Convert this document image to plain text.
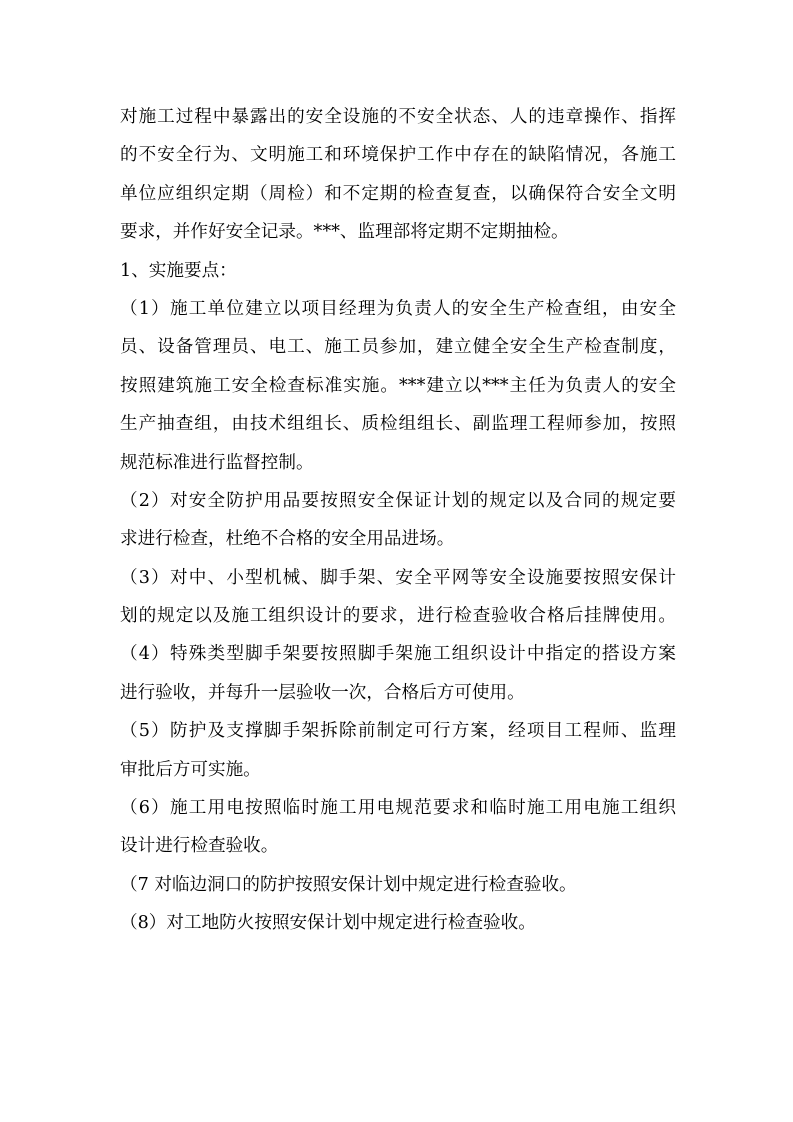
对施工过程中暴露出的安全设施的不安全状态、人的违章操作、指挥
的不安全行为、文明施工和环境保护工作中存在的缺陷情况，各施工
单位应组织定期（周检）和不定期的检查复查，以确保符合安全文明
要求，并作好安全记录。***、监理部将定期不定期抽检。
1、实施要点：
（1）施工单位建立以项目经理为负责人的安全生产检查组，由安全
员、设备管理员、电工、施工员参加，建立健全安全生产检查制度，
按照建筑施工安全检查标准实施。***建立以***主任为负责人的安全
生产抽查组，由技术组组长、质检组组长、副监理工程师参加，按照
规范标准进行监督控制。
（2）对安全防护用品要按照安全保证计划的规定以及合同的规定要
求进行检查，杜绝不合格的安全用品进场。
（3）对中、小型机械、脚手架、安全平网等安全设施要按照安保计
划的规定以及施工组织设计的要求，进行检查验收合格后挂牌使用。
（4）特殊类型脚手架要按照脚手架施工组织设计中指定的搭设方案
进行验收，并每升一层验收一次，合格后方可使用。
（5）防护及支撑脚手架拆除前制定可行方案，经项目工程师、监理
审批后方可实施。
（6）施工用电按照临时施工用电规范要求和临时施工用电施工组织
设计进行检查验收。
（7 对临边洞口的防护按照安保计划中规定进行检查验收。
（8）对工地防火按照安保计划中规定进行检查验收。
